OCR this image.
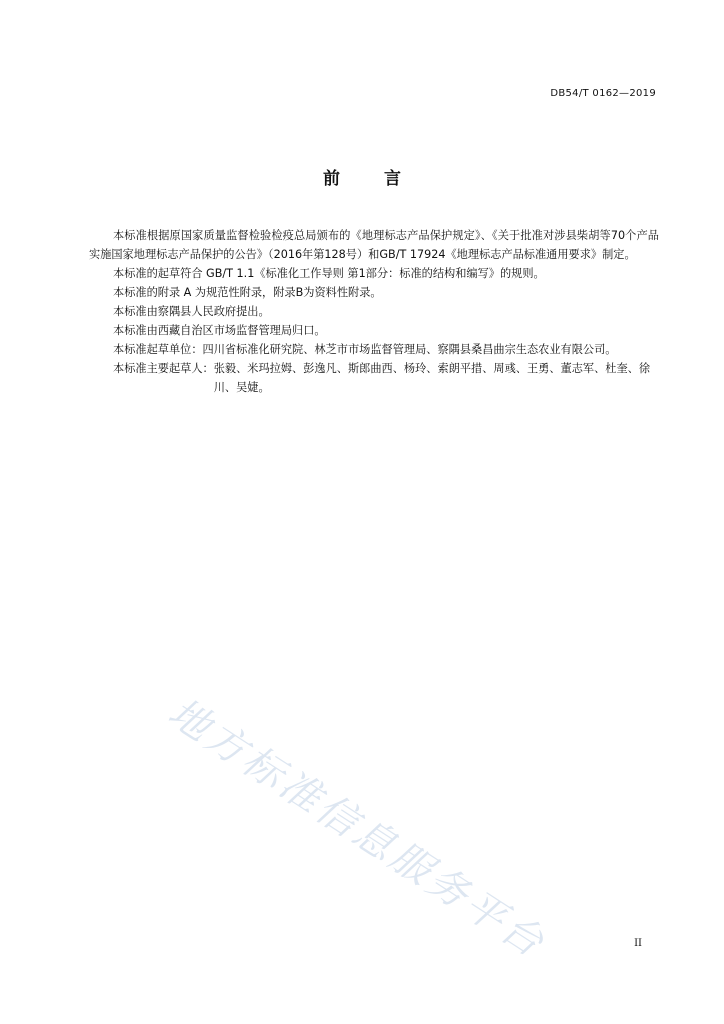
DB54/T 0162—2019
前言

本标准根据原国家质量监督检验检疫总局颁布的《地理标志产品保护规定》、《关于批准对涉县柴胡等70个产品实施国家地理标志产品保护的公告》（2016年第128号）和GB/T 17924《地理标志产品标准通用要求》制定。

本标准的起草符合 GB/T 1.1《标准化工作导则 第1部分：标准的结构和编写》的规则。

本标准的附录 A 为规范性附录，附录B为资料性附录。

本标准由察隅县人民政府提出。

本标准由西藏自治区市场监督管理局归口。

本标准起草单位： 四川省标准化研究院、林芝市市场监督管理局、察隅县桑昌曲宗生态农业有限公司。
本标准主要起草人： 张毅、米玛拉姆、彭逸凡、斯郎曲西、杨玲、索朗平措、周彧、王勇、董志军、杜奎、徐川、吴婕。
地方标准信息服务平台	II
